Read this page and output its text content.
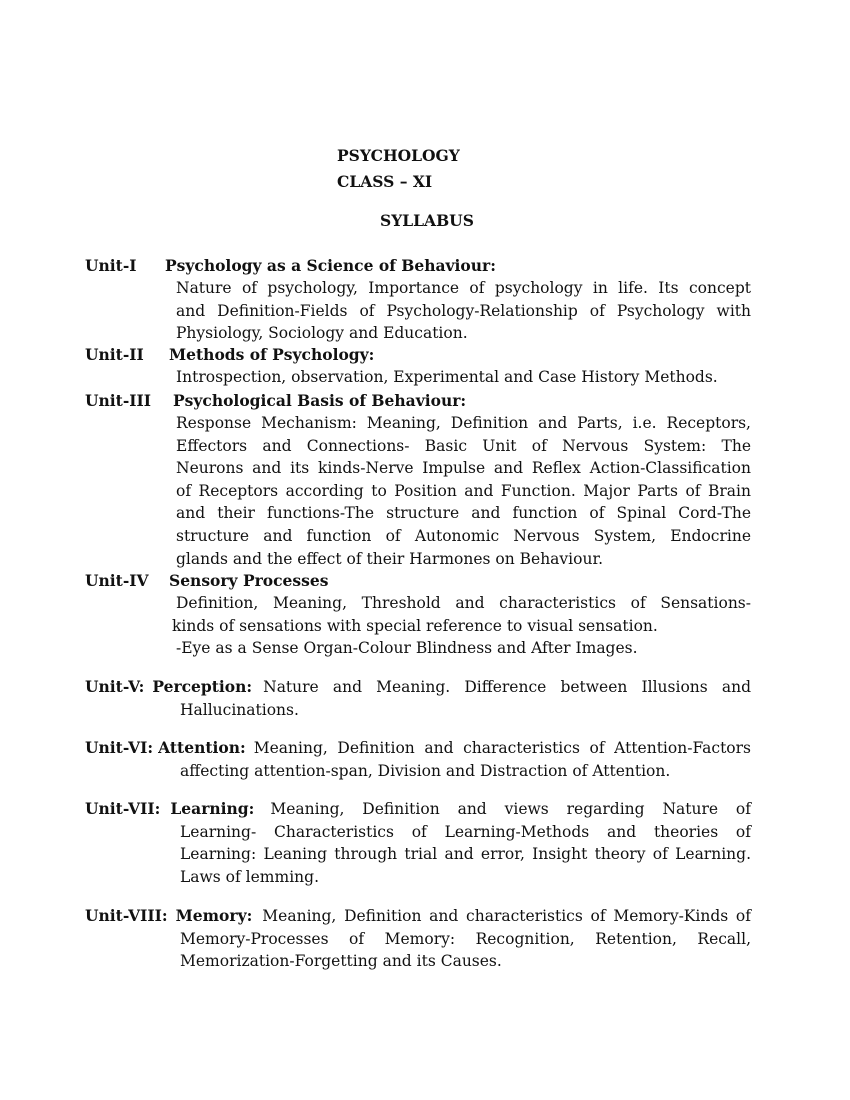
PSYCHOLOGY
CLASS – XI
SYLLABUS
Unit-I	Psychology as a Science of Behaviour:
Nature of psychology, Importance of psychology in life. Its concept
and Definition-Fields of Psychology-Relationship of Psychology with
Physiology, Sociology and Education.
Unit-II	Methods of Psychology:
Introspection, observation, Experimental and Case History Methods.
Unit-III	Psychological Basis of Behaviour:
Response Mechanism: Meaning, Definition and Parts, i.e. Receptors,
Effectors and Connections- Basic Unit of Nervous System: The
Neurons and its kinds-Nerve Impulse and Reflex Action-Classification
of Receptors according to Position and Function. Major Parts of Brain
and their functions-The structure and function of Spinal Cord-The
structure and function of Autonomic Nervous System, Endocrine
glands and the effect of their Harmones on Behaviour.
Unit-IV	Sensory Processes
Definition, Meaning, Threshold and characteristics of Sensations-
kinds of sensations with special reference to visual sensation.
-Eye as a Sense Organ-Colour Blindness and After Images.
Unit-V: Perception: Nature and Meaning. Difference between Illusions and
Hallucinations.
Unit-VI: Attention: Meaning, Definition and characteristics of Attention-Factors
affecting attention-span, Division and Distraction of Attention.
Unit-VII: Learning: Meaning, Definition and views regarding Nature of
Learning- Characteristics of Learning-Methods and theories of
Learning: Leaning through trial and error, Insight theory of Learning.
Laws of lemming.
Unit-VIII: Memory: Meaning, Definition and characteristics of Memory-Kinds of
Memory-Processes of Memory: Recognition, Retention, Recall,
Memorization-Forgetting and its Causes.
